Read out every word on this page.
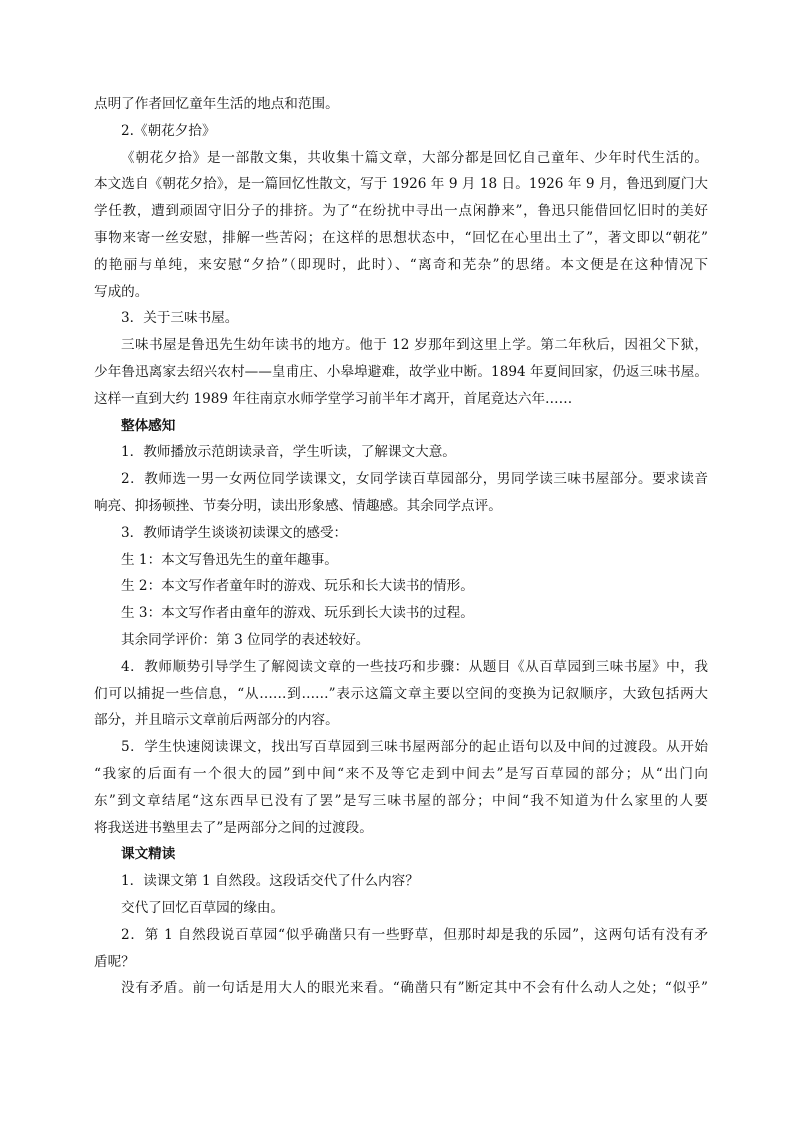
点明了作者回忆童年生活的地点和范围。
2.《朝花夕拾》
《朝花夕拾》是一部散文集，共收集十篇文章，大部分都是回忆自己童年、少年时代生活的。
本文选自《朝花夕拾》，是一篇回忆性散文，写于 1926 年 9 月 18 日。1926 年 9 月，鲁迅到厦门大
学任教，遭到顽固守旧分子的排挤。为了“在纷扰中寻出一点闲静来”，鲁迅只能借回忆旧时的美好
事物来寄一丝安慰，排解一些苦闷；在这样的思想状态中，“回忆在心里出土了”，著文即以“朝花”
的艳丽与单纯，来安慰“夕拾”（即现时，此时）、“离奇和芜杂”的思绪。本文便是在这种情况下
写成的。
3．关于三味书屋。
三味书屋是鲁迅先生幼年读书的地方。他于 12 岁那年到这里上学。第二年秋后，因祖父下狱，
少年鲁迅离家去绍兴农村——皇甫庄、小皋埠避难，故学业中断。1894 年夏间回家，仍返三味书屋。
这样一直到大约 1989 年往南京水师学堂学习前半年才离开，首尾竟达六年……
整体感知
1．教师播放示范朗读录音，学生听读，了解课文大意。
2．教师选一男一女两位同学读课文，女同学读百草园部分，男同学读三味书屋部分。要求读音
响亮、抑扬顿挫、节奏分明，读出形象感、情趣感。其余同学点评。
3．教师请学生谈谈初读课文的感受：
生 1：本文写鲁迅先生的童年趣事。
生 2：本文写作者童年时的游戏、玩乐和长大读书的情形。
生 3：本文写作者由童年的游戏、玩乐到长大读书的过程。
其余同学评价：第 3 位同学的表述较好。
4．教师顺势引导学生了解阅读文章的一些技巧和步骤：从题目《从百草园到三味书屋》中，我
们可以捕捉一些信息，“从……到……”表示这篇文章主要以空间的变换为记叙顺序，大致包括两大
部分，并且暗示文章前后两部分的内容。
5．学生快速阅读课文，找出写百草园到三味书屋两部分的起止语句以及中间的过渡段。从开始
“我家的后面有一个很大的园”到中间“来不及等它走到中间去”是写百草园的部分；从“出门向
东”到文章结尾“这东西早已没有了罢”是写三味书屋的部分；中间“我不知道为什么家里的人要
将我送进书塾里去了”是两部分之间的过渡段。
课文精读
1．读课文第 1 自然段。这段话交代了什么内容？
交代了回忆百草园的缘由。
2．第 1 自然段说百草园“似乎确凿只有一些野草，但那时却是我的乐园”，这两句话有没有矛
盾呢？
没有矛盾。前一句话是用大人的眼光来看。“确凿只有”断定其中不会有什么动人之处；“似乎”
